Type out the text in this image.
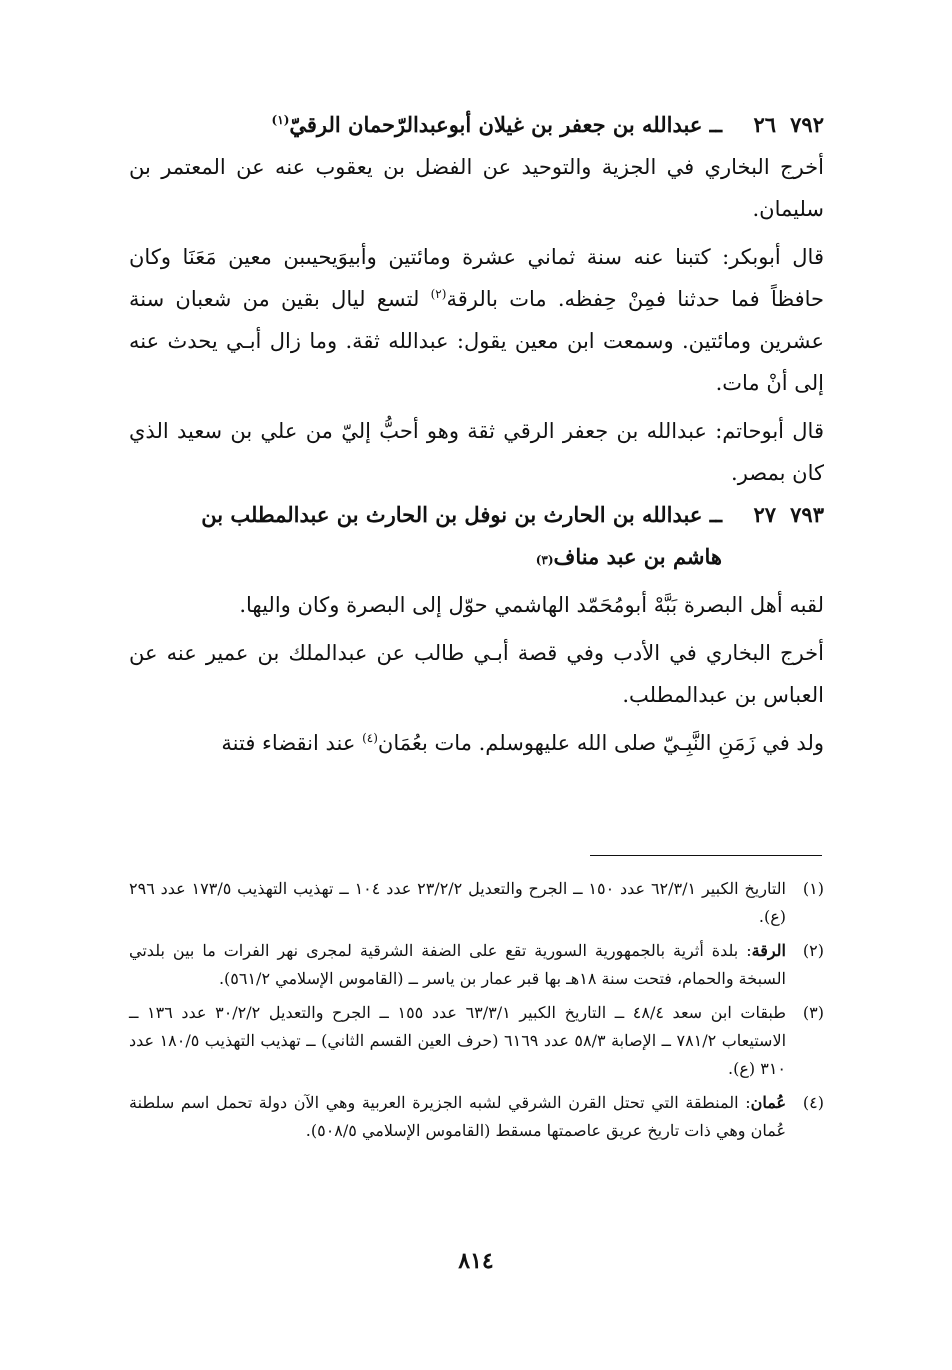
٧٩٢
٢٦
ــ عبدالله بن جعفر بن غيلان أبوعبدالرّحمان الرقيّ$^{(١)}$

أخرج البخاري في الجزية والتوحيد عن الفضل بن يعقوب عنه عن المعتمر بن سليمان.

قال أبوبكر: كتبنا عنه سنة ثماني عشرة ومائتين وأبيوَيحيىبن معين مَعَنَا وكان حافظاً فما حدثنا فمِنْ حِفظه. مات بالرقة$^{(٢)}$ لتسع ليال بقين من شعبان سنة عشرين ومائتين. وسمعت ابن معين يقول: عبدالله ثقة. وما زال أبـي يحدث عنه إلى أنْ مات.

قال أبوحاتم: عبدالله بن جعفر الرقي ثقة وهو أحبُّ إليّ من علي بن سعيد الذي كان بمصر.

٧٩٣
٢٧
ــ عبدالله بن الحارث بن نوفل بن الحارث بن عبدالمطلب بن
هاشم بن عبد مناف
(٣)

لقبه أهل البصرة بَبَّهْ أبومُحَمّد الهاشمي حوّل إلى البصرة وكان واليها.

أخرج البخاري في الأدب وفي قصة أبـي طالب عن عبدالملك بن عمير عنه عن العباس بن عبدالمطلب.

ولد في زَمَنِ النَّبِـيّ صلى الله عليهوسلم. مات بعُمَان$^{(٤)}$ عند انقضاء فتنة

(١)
التاريخ الكبير ٦٢/٣/١ عدد ١٥٠ ــ الجرح والتعديل ٢٣/٢/٢ عدد ١٠٤ ــ تهذيب التهذيب ١٧٣/٥ عدد ٢٩٦ (ع).
(٢)
الرقة: بلدة أثرية بالجمهورية السورية تقع على الضفة الشرقية لمجرى نهر الفرات ما بين بلدتي السبخة والحمام، فتحت سنة ١٨هـ بها قبر عمار بن ياسر ــ (القاموس الإسلامي ٥٦١/٢).
(٣)
طبقات ابن سعد ٤٨/٤ ــ التاريخ الكبير ٦٣/٣/١ عدد ١٥٥ ــ الجرح والتعديل ٣٠/٢/٢ عدد ١٣٦ ــ الاستيعاب ٧٨١/٢ ــ الإصابة ٥٨/٣ عدد ٦١٦٩ (حرف العين القسم الثاني) ــ تهذيب التهذيب ١٨٠/٥ عدد ٣١٠ (ع).
(٤)
عُمان: المنطقة التي تحتل القرن الشرقي لشبه الجزيرة العربية وهي الآن دولة تحمل اسم سلطنة عُمان وهي ذات تاريخ عريق عاصمتها مسقط (القاموس الإسلامي ٥٠٨/٥).
٨١٤
